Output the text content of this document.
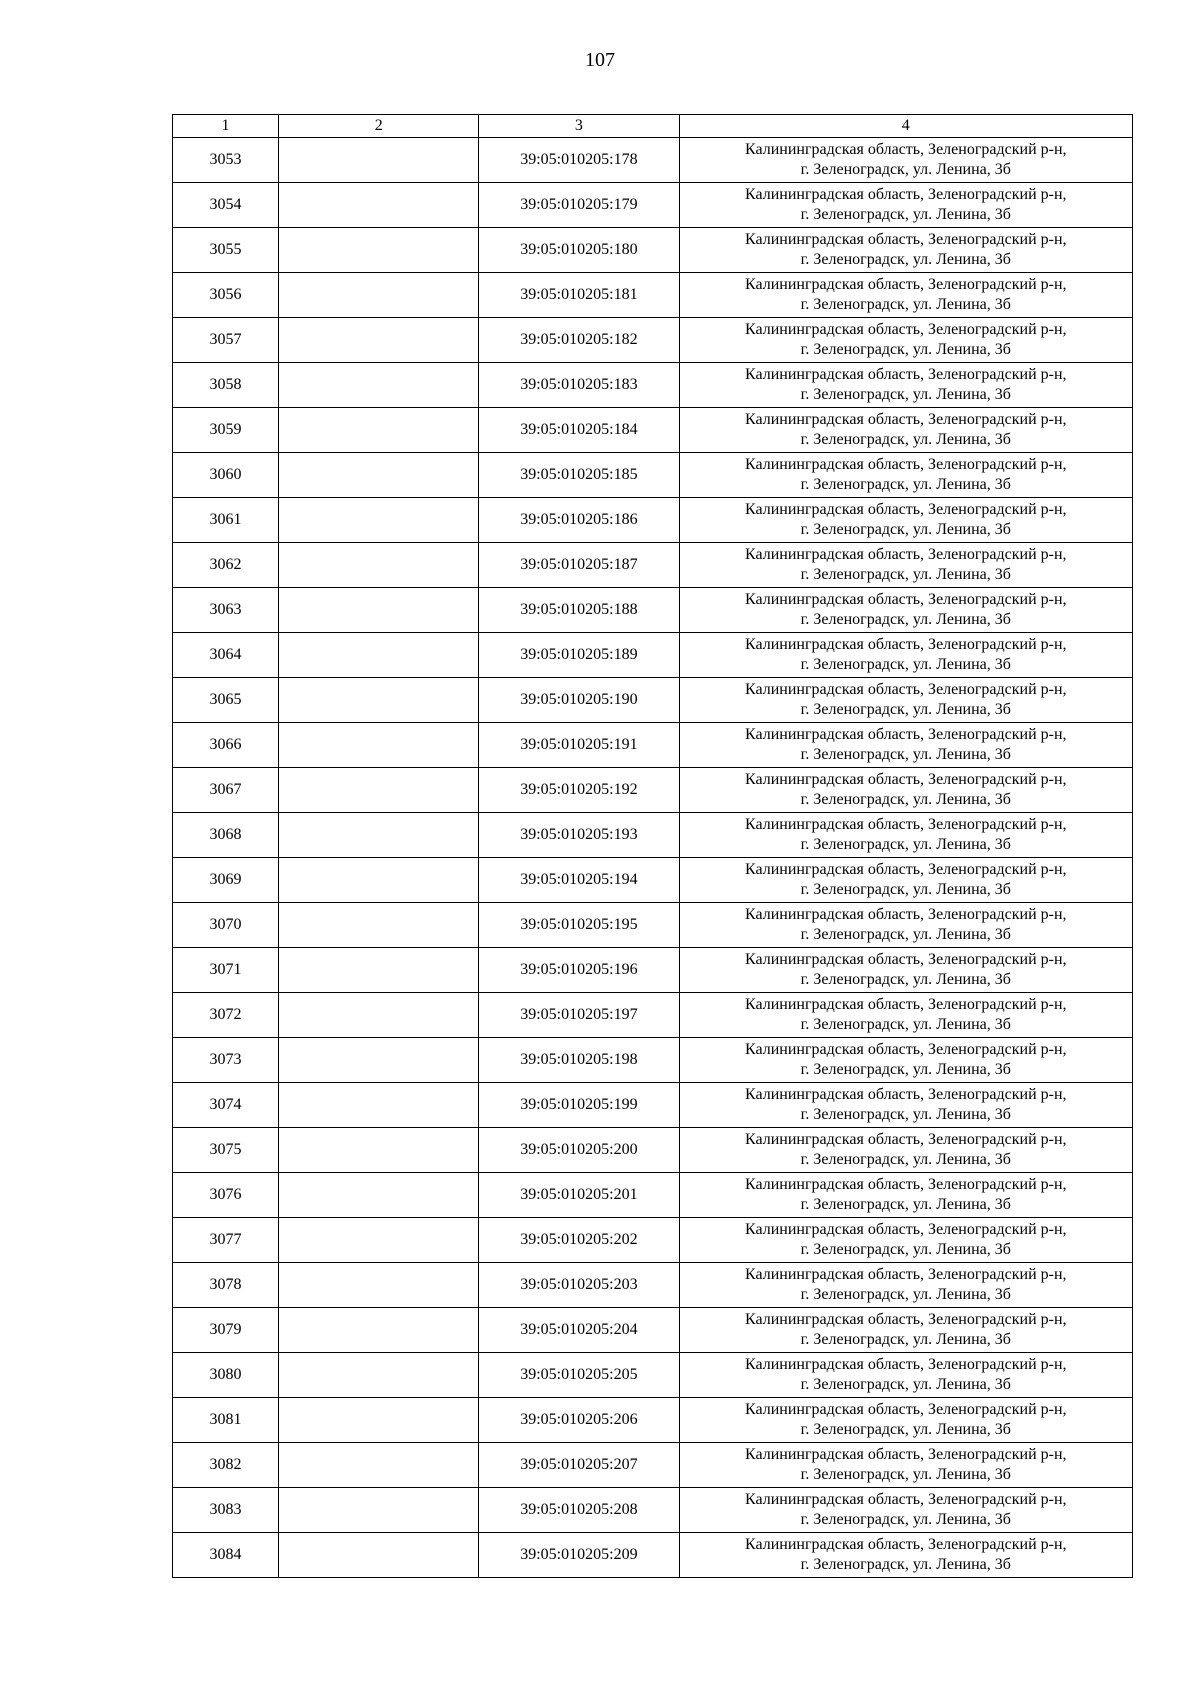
107
1	2	3	4
3053		39:05:010205:178	Калининградская область, Зеленоградский р-н,
г. Зеленоградск, ул. Ленина, 3б

3054		39:05:010205:179	Калининградская область, Зеленоградский р-н,
г. Зеленоградск, ул. Ленина, 3б

3055		39:05:010205:180	Калининградская область, Зеленоградский р-н,
г. Зеленоградск, ул. Ленина, 3б

3056		39:05:010205:181	Калининградская область, Зеленоградский р-н,
г. Зеленоградск, ул. Ленина, 3б

3057		39:05:010205:182	Калининградская область, Зеленоградский р-н,
г. Зеленоградск, ул. Ленина, 3б

3058		39:05:010205:183	Калининградская область, Зеленоградский р-н,
г. Зеленоградск, ул. Ленина, 3б

3059		39:05:010205:184	Калининградская область, Зеленоградский р-н,
г. Зеленоградск, ул. Ленина, 3б

3060		39:05:010205:185	Калининградская область, Зеленоградский р-н,
г. Зеленоградск, ул. Ленина, 3б

3061		39:05:010205:186	Калининградская область, Зеленоградский р-н,
г. Зеленоградск, ул. Ленина, 3б

3062		39:05:010205:187	Калининградская область, Зеленоградский р-н,
г. Зеленоградск, ул. Ленина, 3б

3063		39:05:010205:188	Калининградская область, Зеленоградский р-н,
г. Зеленоградск, ул. Ленина, 3б

3064		39:05:010205:189	Калининградская область, Зеленоградский р-н,
г. Зеленоградск, ул. Ленина, 3б

3065		39:05:010205:190	Калининградская область, Зеленоградский р-н,
г. Зеленоградск, ул. Ленина, 3б

3066		39:05:010205:191	Калининградская область, Зеленоградский р-н,
г. Зеленоградск, ул. Ленина, 3б

3067		39:05:010205:192	Калининградская область, Зеленоградский р-н,
г. Зеленоградск, ул. Ленина, 3б

3068		39:05:010205:193	Калининградская область, Зеленоградский р-н,
г. Зеленоградск, ул. Ленина, 3б

3069		39:05:010205:194	Калининградская область, Зеленоградский р-н,
г. Зеленоградск, ул. Ленина, 3б

3070		39:05:010205:195	Калининградская область, Зеленоградский р-н,
г. Зеленоградск, ул. Ленина, 3б

3071		39:05:010205:196	Калининградская область, Зеленоградский р-н,
г. Зеленоградск, ул. Ленина, 3б

3072		39:05:010205:197	Калининградская область, Зеленоградский р-н,
г. Зеленоградск, ул. Ленина, 3б

3073		39:05:010205:198	Калининградская область, Зеленоградский р-н,
г. Зеленоградск, ул. Ленина, 3б

3074		39:05:010205:199	Калининградская область, Зеленоградский р-н,
г. Зеленоградск, ул. Ленина, 3б

3075		39:05:010205:200	Калининградская область, Зеленоградский р-н,
г. Зеленоградск, ул. Ленина, 3б

3076		39:05:010205:201	Калининградская область, Зеленоградский р-н,
г. Зеленоградск, ул. Ленина, 3б

3077		39:05:010205:202	Калининградская область, Зеленоградский р-н,
г. Зеленоградск, ул. Ленина, 3б

3078		39:05:010205:203	Калининградская область, Зеленоградский р-н,
г. Зеленоградск, ул. Ленина, 3б

3079		39:05:010205:204	Калининградская область, Зеленоградский р-н,
г. Зеленоградск, ул. Ленина, 3б

3080		39:05:010205:205	Калининградская область, Зеленоградский р-н,
г. Зеленоградск, ул. Ленина, 3б

3081		39:05:010205:206	Калининградская область, Зеленоградский р-н,
г. Зеленоградск, ул. Ленина, 3б

3082		39:05:010205:207	Калининградская область, Зеленоградский р-н,
г. Зеленоградск, ул. Ленина, 3б

3083		39:05:010205:208	Калининградская область, Зеленоградский р-н,
г. Зеленоградск, ул. Ленина, 3б

3084		39:05:010205:209	Калининградская область, Зеленоградский р-н,
г. Зеленоградск, ул. Ленина, 3б
